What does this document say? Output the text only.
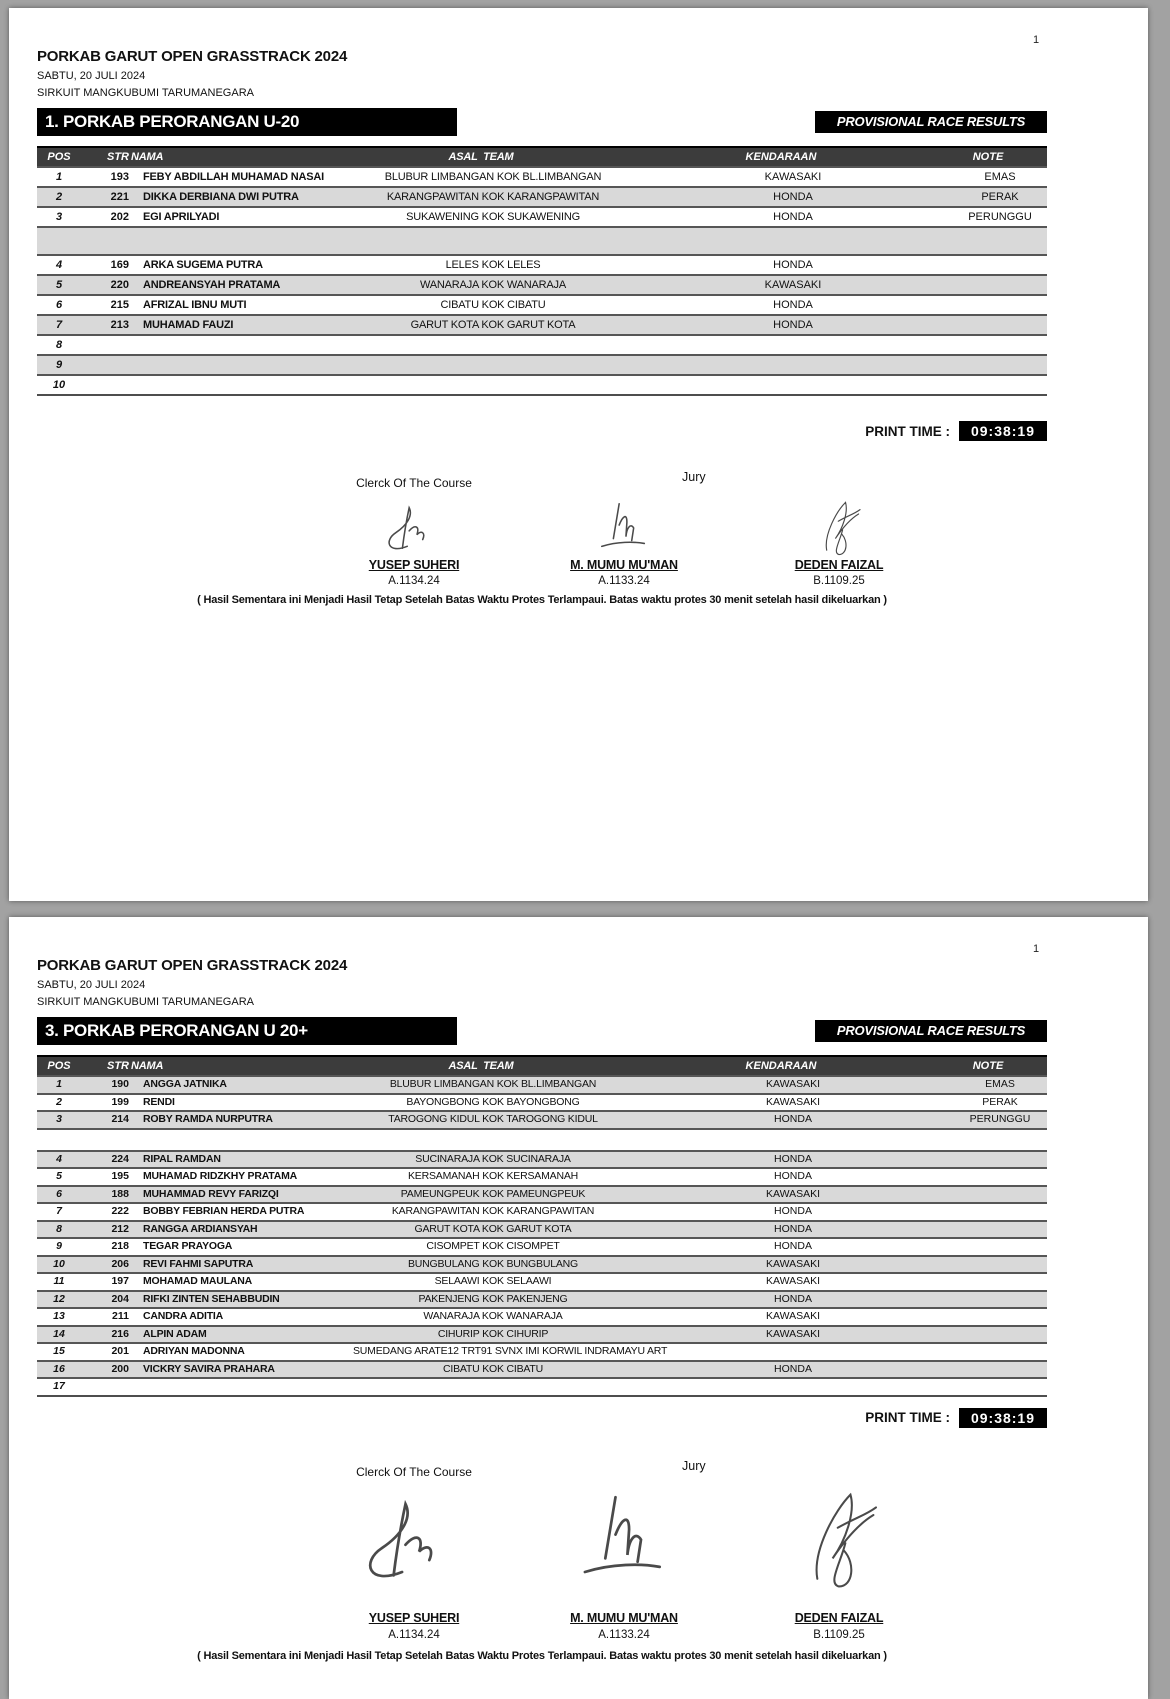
1
PORKAB GARUT OPEN GRASSTRACK 2024
SABTU, 20 JULI 2024
SIRKUIT MANGKUBUMI TARUMANEGARA
1. PORKAB PERORANGAN U-20	PROVISIONAL RACE RESULTS
POS	STR NAMA	ASAL  TEAM	KENDARAAN	NOTE
1	193	FEBY ABDILLAH MUHAMAD NASAI	BLUBUR LIMBANGAN KOK BL.LIMBANGAN	KAWASAKI	EMAS
2	221	DIKKA DERBIANA DWI PUTRA	KARANGPAWITAN KOK KARANGPAWITAN	HONDA	PERAK
3	202	EGI APRILYADI	SUKAWENING KOK SUKAWENING	HONDA	PERUNGGU
4	169	ARKA SUGEMA PUTRA	LELES KOK LELES	HONDA
5	220	ANDREANSYAH PRATAMA	WANARAJA KOK WANARAJA	KAWASAKI
6	215	AFRIZAL IBNU MUTI	CIBATU KOK CIBATU	HONDA
7	213	MUHAMAD FAUZI	GARUT KOTA KOK GARUT KOTA	HONDA
8
9
10
PRINT TIME :	09:38:19
Clerck Of The Course	Jury
YUSEP SUHERI
A.1134.24
M. MUMU MU'MAN
A.1133.24
DEDEN FAIZAL
B.1109.25
( Hasil Sementara ini Menjadi Hasil Tetap Setelah Batas Waktu Protes Terlampaui. Batas waktu protes 30 menit setelah hasil dikeluarkan )
1
PORKAB GARUT OPEN GRASSTRACK 2024
SABTU, 20 JULI 2024
SIRKUIT MANGKUBUMI TARUMANEGARA
3. PORKAB PERORANGAN U 20+	PROVISIONAL RACE RESULTS
POS	STR NAMA	ASAL  TEAM	KENDARAAN	NOTE
1	190	ANGGA JATNIKA	BLUBUR LIMBANGAN KOK BL.LIMBANGAN	KAWASAKI	EMAS
2	199	RENDI	BAYONGBONG KOK BAYONGBONG	KAWASAKI	PERAK
3	214	ROBY RAMDA NURPUTRA	TAROGONG KIDUL KOK TAROGONG KIDUL	HONDA	PERUNGGU
4	224	RIPAL RAMDAN	SUCINARAJA KOK SUCINARAJA	HONDA
5	195	MUHAMAD RIDZKHY PRATAMA	KERSAMANAH KOK KERSAMANAH	HONDA
6	188	MUHAMMAD REVY FARIZQI	PAMEUNGPEUK KOK PAMEUNGPEUK	KAWASAKI
7	222	BOBBY FEBRIAN HERDA PUTRA	KARANGPAWITAN KOK KARANGPAWITAN	HONDA
8	212	RANGGA ARDIANSYAH	GARUT KOTA KOK GARUT KOTA	HONDA
9	218	TEGAR PRAYOGA	CISOMPET KOK CISOMPET	HONDA
10	206	REVI FAHMI SAPUTRA	BUNGBULANG KOK BUNGBULANG	KAWASAKI
11	197	MOHAMAD MAULANA	SELAAWI KOK SELAAWI	KAWASAKI
12	204	RIFKI ZINTEN SEHABBUDIN	PAKENJENG KOK PAKENJENG	HONDA
13	211	CANDRA ADITIA	WANARAJA KOK WANARAJA	KAWASAKI
14	216	ALPIN ADAM	CIHURIP KOK CIHURIP	KAWASAKI
15	201	ADRIYAN MADONNA	SUMEDANG ARATE12 TRT91 SVNX IMI KORWIL INDRAMAYU ART
16	200	VICKRY SAVIRA PRAHARA	CIBATU KOK CIBATU	HONDA
17
PRINT TIME :	09:38:19
Clerck Of The Course	Jury
YUSEP SUHERI
A.1134.24
M. MUMU MU'MAN
A.1133.24
DEDEN FAIZAL
B.1109.25
( Hasil Sementara ini Menjadi Hasil Tetap Setelah Batas Waktu Protes Terlampaui. Batas waktu protes 30 menit setelah hasil dikeluarkan )
